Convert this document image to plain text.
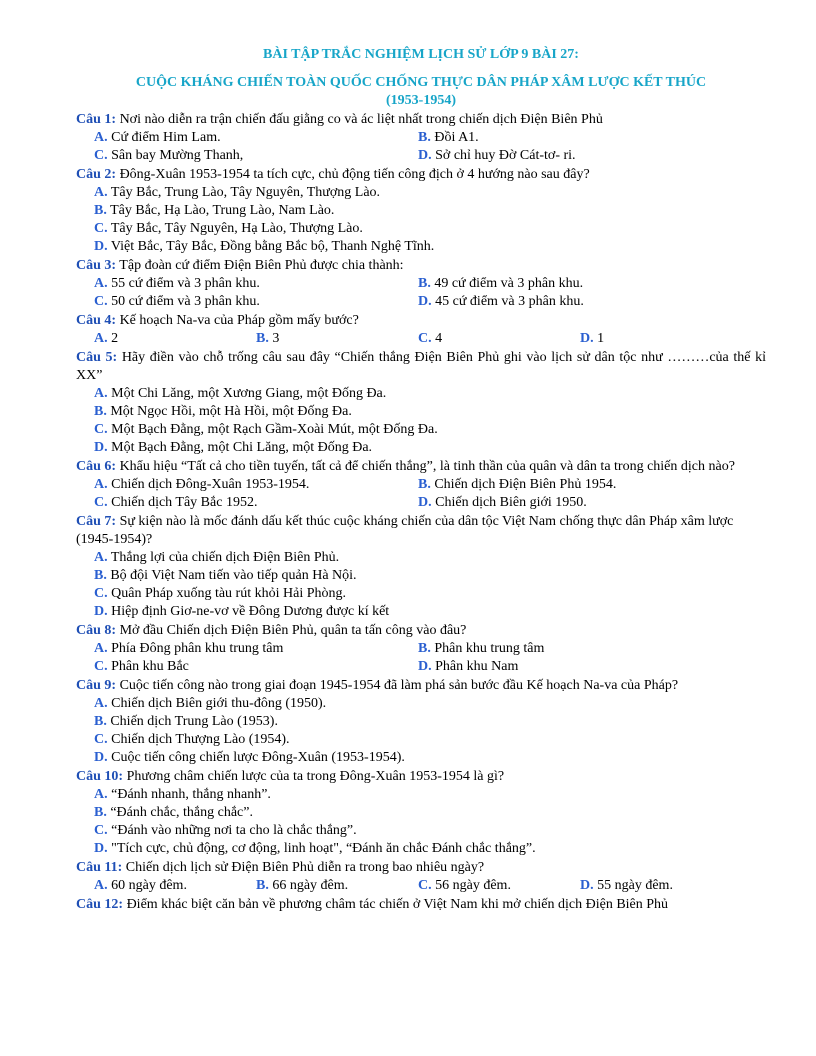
BÀI TẬP TRẮC NGHIỆM LỊCH SỬ LỚP 9 BÀI 27:
CUỘC KHÁNG CHIẾN TOÀN QUỐC CHỐNG THỰC DÂN PHÁP XÂM LƯỢC KẾT THÚC
(1953-1954)
Câu 1: Nơi nào diễn ra trận chiến đấu giằng co và ác liệt nhất trong chiến dịch Điện Biên Phủ
A. Cứ điểm Him Lam.	B. Đồi A1.
C. Sân bay Mường Thanh,	D. Sở chỉ huy Đờ Cát-tơ- ri.
Câu 2: Đông-Xuân 1953-1954 ta tích cực, chủ động tiến công địch ở 4 hướng nào sau đây?
A. Tây Bắc, Trung Lào, Tây Nguyên, Thượng Lào.
B. Tây Bắc, Hạ Lào, Trung Lào, Nam Lào.
C. Tây Bắc, Tây Nguyên, Hạ Lào, Thượng Lào.
D. Việt Bắc, Tây Bắc, Đồng bằng Bắc bộ, Thanh Nghệ Tĩnh.
Câu 3: Tập đoàn cứ điểm Điện Biên Phủ được chia thành:
A. 55 cứ điểm và 3 phân khu.	B. 49 cứ điểm và 3 phân khu.
C. 50 cứ điểm và 3 phân khu.	D. 45 cứ điểm và 3 phân khu.
Câu 4: Kế hoạch Na-va của Pháp gồm mấy bước?
A. 2	B. 3	C. 4	D. 1
Câu 5: Hãy điền vào chỗ trống câu sau đây “Chiến thắng Điện Biên Phủ ghi vào lịch sử dân tộc như ………của thế kỉ XX”
A. Một Chi Lăng, một Xương Giang, một Đống Đa.
B. Một Ngọc Hồi, một Hà Hồi, một Đống Đa.
C. Một Bạch Đằng, một Rạch Gầm-Xoài Mút, một Đống Đa.
D. Một Bạch Đằng, một Chi Lăng, một Đống Đa.
Câu 6: Khẩu hiệu “Tất cả cho tiền tuyến, tất cả để chiến thắng”, là tinh thần của quân và dân ta trong chiến dịch nào?
A. Chiến dịch Đông-Xuân 1953-1954.	B. Chiến dịch Điện Biên Phủ 1954.
C. Chiến dịch Tây Bắc 1952.	D. Chiến dịch Biên giới 1950.
Câu 7: Sự kiện nào là mốc đánh dấu kết thúc cuộc kháng chiến của dân tộc Việt Nam chống thực dân Pháp xâm lược (1945-1954)?
A. Thắng lợi của chiến dịch Điện Biên Phủ.
B. Bộ đội Việt Nam tiến vào tiếp quản Hà Nội.
C. Quân Pháp xuống tàu rút khỏi Hải Phòng.
D. Hiệp định Giơ-ne-vơ về Đông Dương được kí kết
Câu 8: Mở đầu Chiến dịch Điện Biên Phủ, quân ta tấn công vào đâu?
A. Phía Đông phân khu trung tâm	B. Phân khu trung tâm
C. Phân khu Bắc	D. Phân khu Nam
Câu 9: Cuộc tiến công nào trong giai đoạn 1945-1954 đã làm phá sản bước đầu Kế hoạch Na-va của Pháp?
A. Chiến dịch Biên giới thu-đông (1950).
B. Chiến dịch Trung Lào (1953).
C. Chiến dịch Thượng Lào (1954).
D. Cuộc tiến công chiến lược Đông-Xuân (1953-1954).
Câu 10: Phương châm chiến lược của ta trong Đông-Xuân 1953-1954 là gì?
A. “Đánh nhanh, thắng nhanh”.
B. “Đánh chắc, thắng chắc”.
C. “Đánh vào những nơi ta cho là chắc thắng”.
D. "Tích cực, chủ động, cơ động, linh hoạt", “Đánh ăn chắc Đánh chắc thắng”.
Câu 11: Chiến dịch lịch sử Điện Biên Phủ diễn ra trong bao nhiêu ngày?
A. 60 ngày đêm.	B. 66 ngày đêm.	C. 56 ngày đêm.	D. 55 ngày đêm.
Câu 12: Điểm khác biệt căn bản về phương châm tác chiến ở Việt Nam khi mở chiến dịch Điện Biên Phủ
